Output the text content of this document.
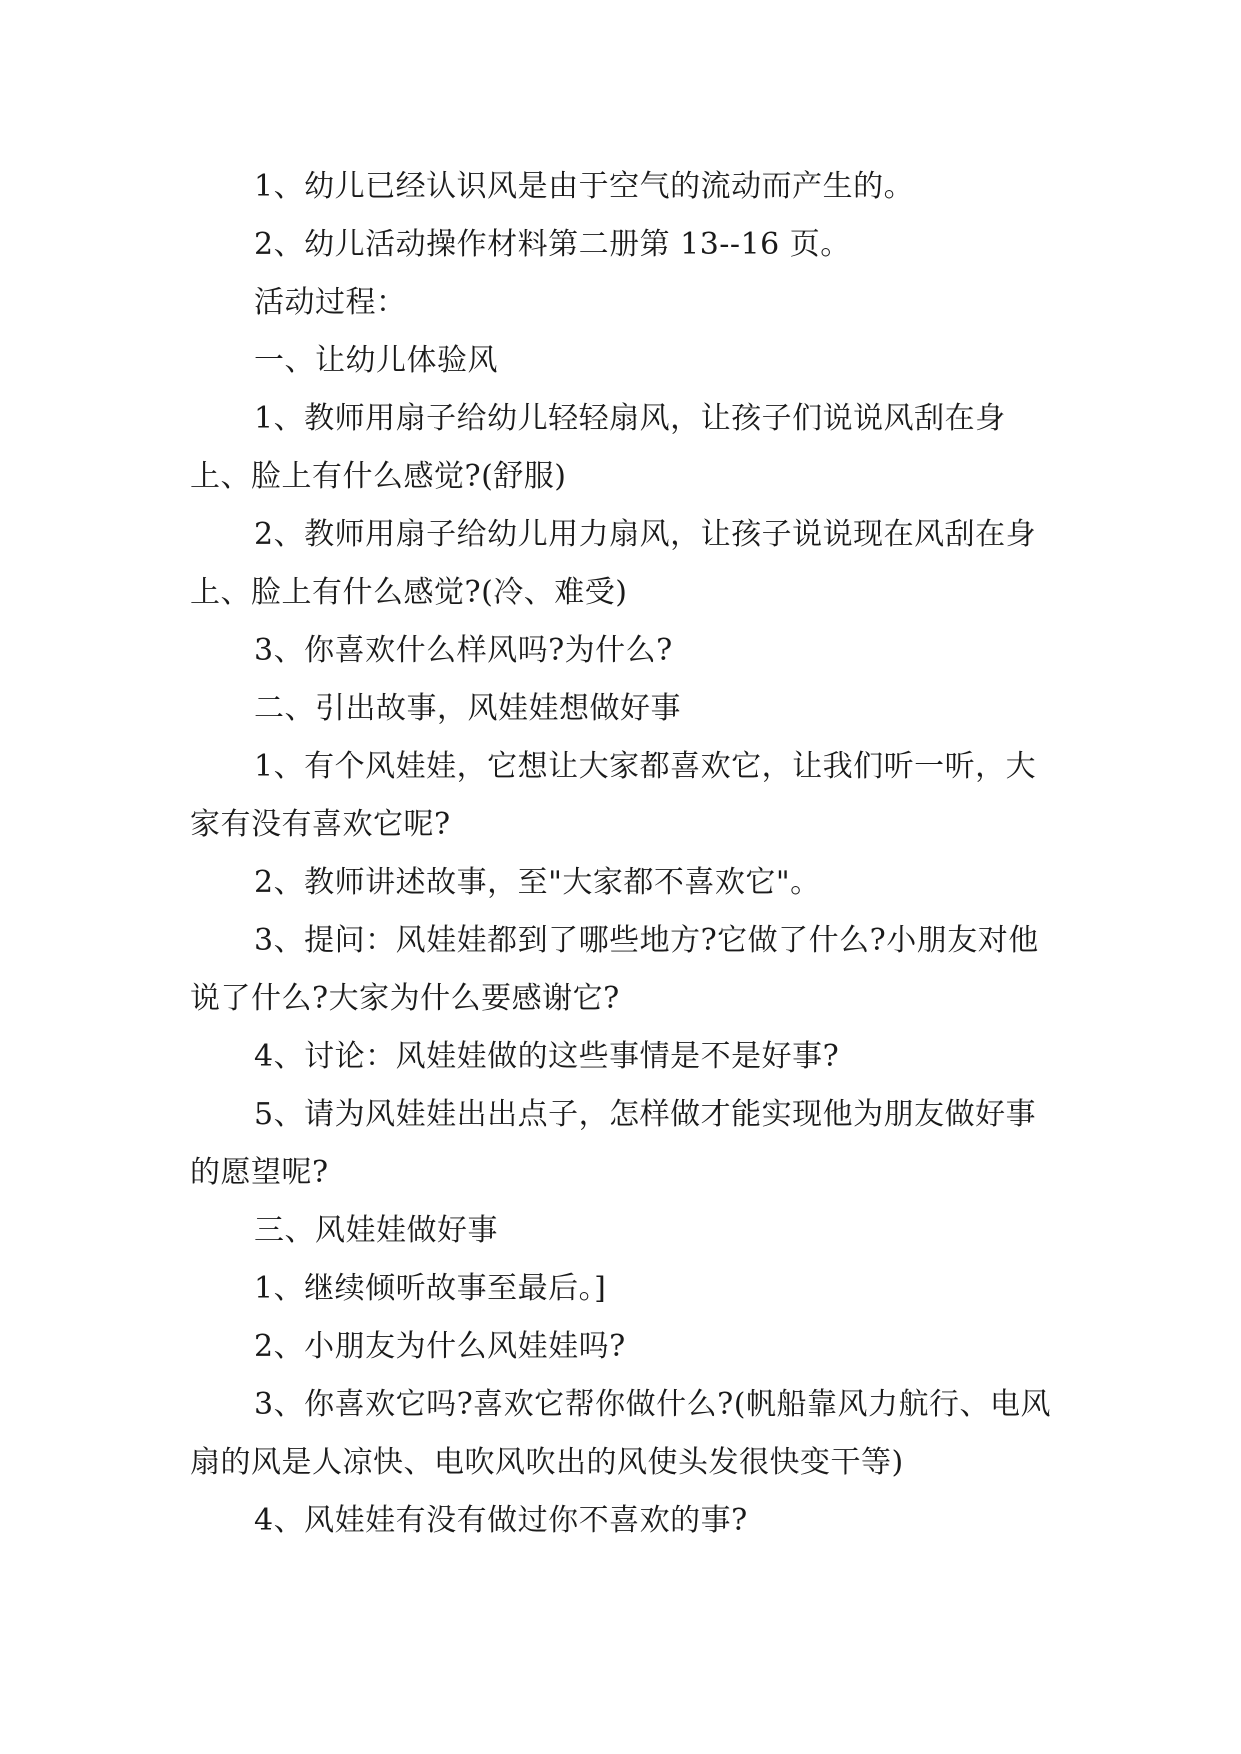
1、幼儿已经认识风是由于空气的流动而产生的。

2、幼儿活动操作材料第二册第 13--16 页。

活动过程：

一、让幼儿体验风

1、教师用扇子给幼儿轻轻扇风，让孩子们说说风刮在身上、脸上有什么感觉?(舒服)

2、教师用扇子给幼儿用力扇风，让孩子说说现在风刮在身上、脸上有什么感觉?(冷、难受)

3、你喜欢什么样风吗?为什么?

二、引出故事，风娃娃想做好事

1、有个风娃娃，它想让大家都喜欢它，让我们听一听，大家有没有喜欢它呢?

2、教师讲述故事，至"大家都不喜欢它"。

3、提问：风娃娃都到了哪些地方?它做了什么?小朋友对他说了什么?大家为什么要感谢它?

4、讨论：风娃娃做的这些事情是不是好事?

5、请为风娃娃出出点子，怎样做才能实现他为朋友做好事的愿望呢?

三、风娃娃做好事

1、继续倾听故事至最后。]

2、小朋友为什么风娃娃吗?

3、你喜欢它吗?喜欢它帮你做什么?(帆船靠风力航行、电风扇的风是人凉快、电吹风吹出的风使头发很快变干等)

4、风娃娃有没有做过你不喜欢的事?
